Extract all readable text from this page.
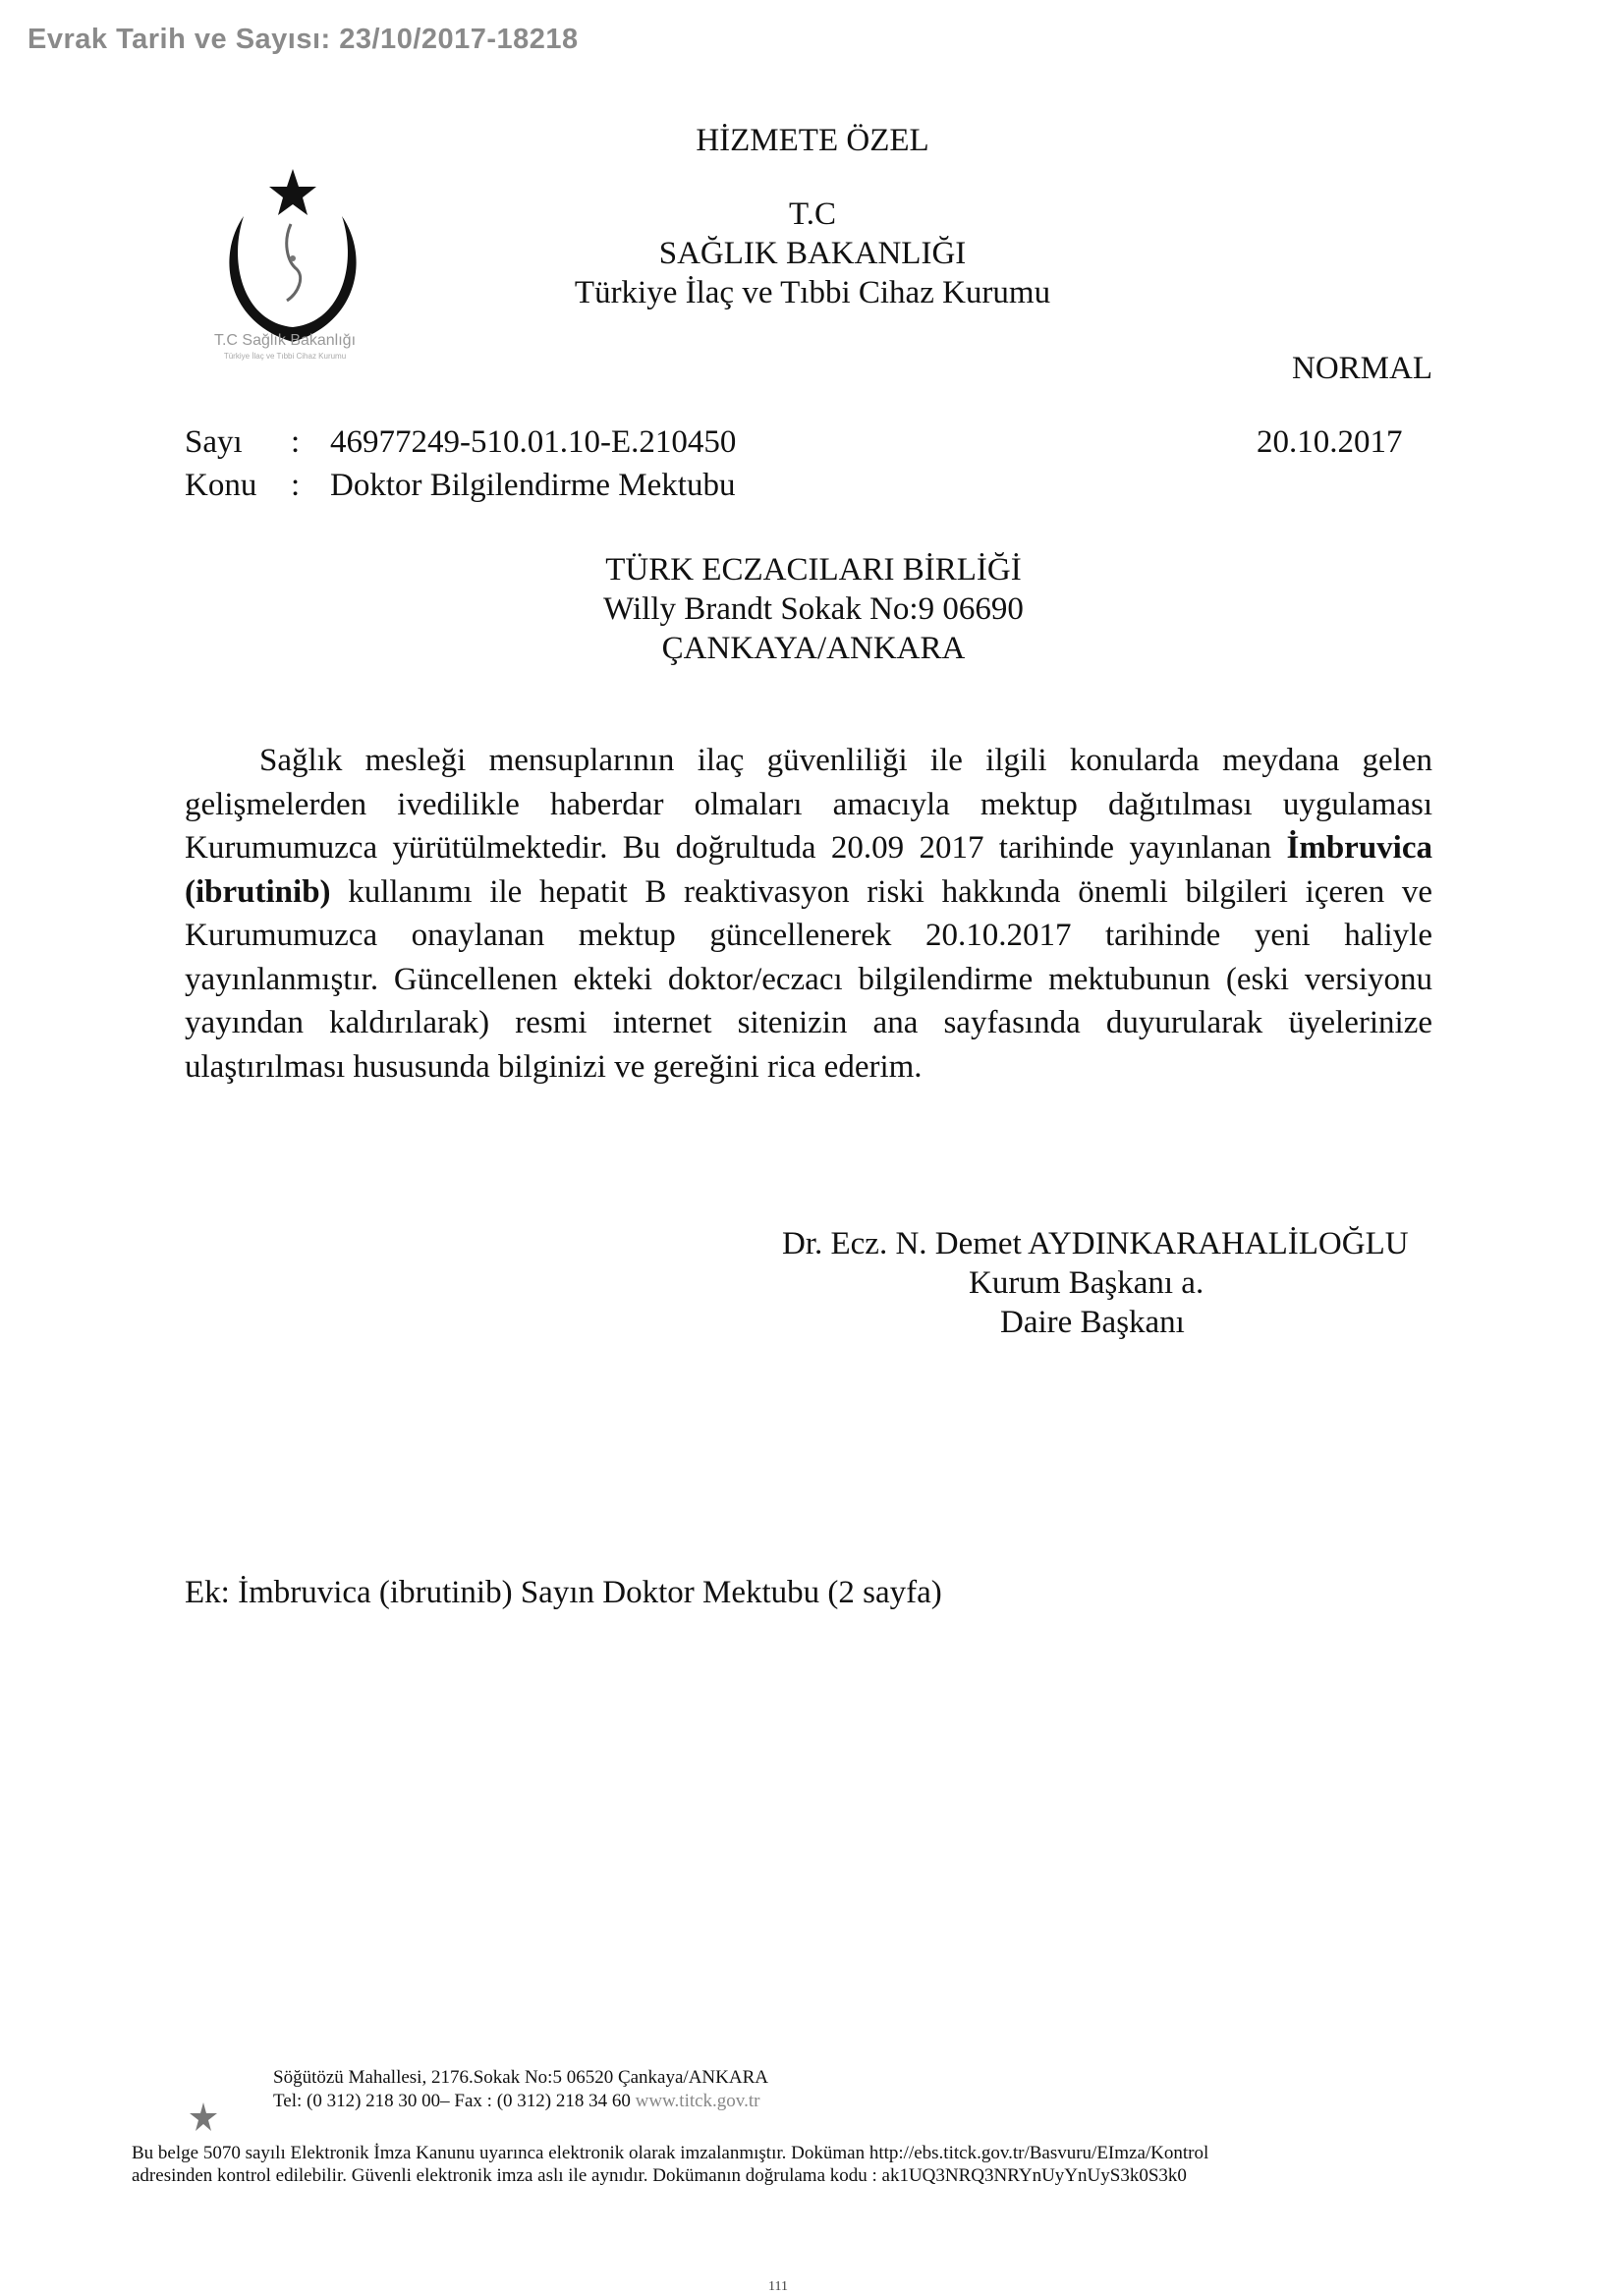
Evrak Tarih ve Sayısı: 23/10/2017-18218
HİZMETE ÖZEL
T.C
SAĞLIK BAKANLIĞI
Türkiye İlaç ve Tıbbi Cihaz Kurumu
T.C Sağlık Bakanlığı
Türkiye İlaç ve Tıbbi Cihaz Kurumu	NORMAL
Sayı : 46977249-510.01.10-E.210450	20.10.2017
Konu : Doktor Bilgilendirme Mektubu
TÜRK ECZACILARI BİRLİĞİ
Willy Brandt Sokak No:9 06690
ÇANKAYA/ANKARA

Sağlık mesleği mensuplarının ilaç güvenliliği ile ilgili konularda meydana gelen gelişmelerden ivedilikle haberdar olmaları amacıyla mektup dağıtılması uygulaması Kurumumuzca yürütülmektedir. Bu doğrultuda 20.09 2017 tarihinde yayınlanan İmbruvica (ibrutinib) kullanımı ile hepatit B reaktivasyon riski hakkında önemli bilgileri içeren ve Kurumumuzca onaylanan mektup güncellenerek 20.10.2017 tarihinde yeni haliyle yayınlanmıştır. Güncellenen ekteki doktor/eczacı bilgilendirme mektubunun (eski versiyonu yayından kaldırılarak) resmi internet sitenizin ana sayfasında duyurularak üyelerinize ulaştırılması hususunda bilginizi ve gereğini rica ederim.

Dr. Ecz. N. Demet AYDINKARAHALİLOĞLU
Kurum Başkanı a.
Daire Başkanı
Ek: İmbruvica (ibrutinib) Sayın Doktor Mektubu (2 sayfa)
Söğütözü Mahallesi, 2176.Sokak No:5 06520 Çankaya/ANKARA
Tel: (0 312) 218 30 00– Fax : (0 312) 218 34 60 www.titck.gov.tr
Bu belge 5070 sayılı Elektronik İmza Kanunu uyarınca elektronik olarak imzalanmıştır. Doküman http://ebs.titck.gov.tr/Basvuru/EImza/Kontrol
adresinden kontrol edilebilir. Güvenli elektronik imza aslı ile aynıdır. Dokümanın doğrulama kodu : ak1UQ3NRQ3NRYnUyYnUyS3k0S3k0
111
